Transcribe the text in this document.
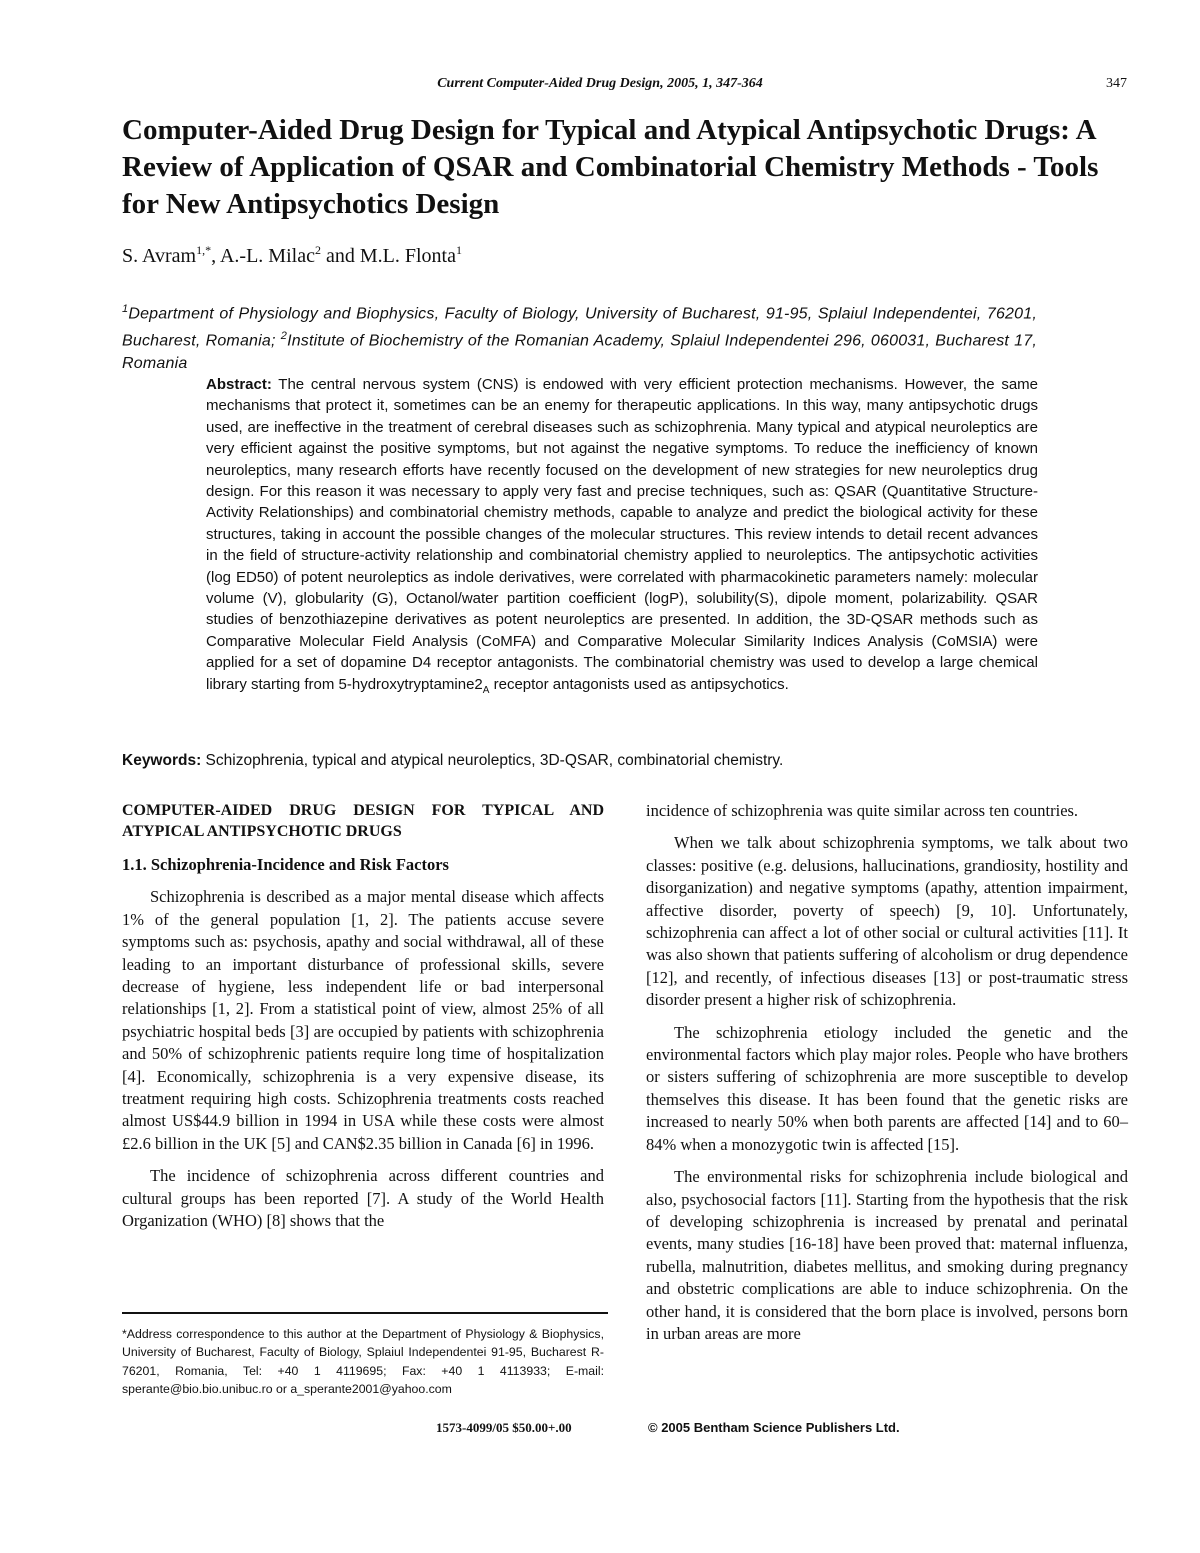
Current Computer-Aided Drug Design, 2005, 1, 347-364	347
Computer-Aided Drug Design for Typical and Atypical Antipsychotic Drugs: A Review of Application of QSAR and Combinatorial Chemistry Methods - Tools for New Antipsychotics Design
S. Avram$^{1,*}$, A.-L. Milac$^2$ and M.L. Flonta$^1$

$^1$Department of Physiology and Biophysics, Faculty of Biology, University of Bucharest, 91-95, Splaiul Independentei, 76201, Bucharest, Romania; $^2$Institute of Biochemistry of the Romanian Academy, Splaiul Independentei 296, 060031, Bucharest 17, Romania

Abstract: The central nervous system (CNS) is endowed with very efficient protection mechanisms. However, the same mechanisms that protect it, sometimes can be an enemy for therapeutic applications. In this way, many antipsychotic drugs used, are ineffective in the treatment of cerebral diseases such as schizophrenia. Many typical and atypical neuroleptics are very efficient against the positive symptoms, but not against the negative symptoms. To reduce the inefficiency of known neuroleptics, many research efforts have recently focused on the development of new strategies for new neuroleptics drug design. For this reason it was necessary to apply very fast and precise techniques, such as: QSAR (Quantitative Structure-Activity Relationships) and combinatorial chemistry methods, capable to analyze and predict the biological activity for these structures, taking in account the possible changes of the molecular structures. This review intends to detail recent advances in the field of structure-activity relationship and combinatorial chemistry applied to neuroleptics. The antipsychotic activities (log ED50) of potent neuroleptics as indole derivatives, were correlated with pharmacokinetic parameters namely: molecular volume (V), globularity (G), Octanol/water partition coefficient (logP), solubility(S), dipole moment, polarizability. QSAR studies of benzothiazepine derivatives as potent neuroleptics are presented. In addition, the 3D-QSAR methods such as Comparative Molecular Field Analysis (CoMFA) and Comparative Molecular Similarity Indices Analysis (CoMSIA) were applied for a set of dopamine D4 receptor antagonists. The combinatorial chemistry was used to develop a large chemical library starting from $5-hydroxytryptamine2_A$ receptor antagonists used as antipsychotics.

Keywords: Schizophrenia, typical and atypical neuroleptics, 3D-QSAR, combinatorial chemistry.

COMPUTER-AIDED DRUG DESIGN FOR TYPICAL AND ATYPICAL ANTIPSYCHOTIC DRUGS
1.1. Schizophrenia-Incidence and Risk Factors

Schizophrenia is described as a major mental disease which affects 1% of the general population [1, 2]. The patients accuse severe symptoms such as: psychosis, apathy and social withdrawal, all of these leading to an important disturbance of professional skills, severe decrease of hygiene, less independent life or bad interpersonal relationships [1, 2]. From a statistical point of view, almost 25% of all psychiatric hospital beds [3] are occupied by patients with schizophrenia and 50% of schizophrenic patients require long time of hospitalization [4]. Economically, schizophrenia is a very expensive disease, its treatment requiring high costs. Schizophrenia treatments costs reached almost US$44.9 billion in 1994 in USA while these costs were almost £2.6 billion in the UK [5] and CAN$2.35 billion in Canada [6] in 1996.

The incidence of schizophrenia across different countries and cultural groups has been reported [7]. A study of the World Health Organization (WHO) [8] shows that the

incidence of schizophrenia was quite similar across ten countries.

When we talk about schizophrenia symptoms, we talk about two classes: positive (e.g. delusions, hallucinations, grandiosity, hostility and disorganization) and negative symptoms (apathy, attention impairment, affective disorder, poverty of speech) [9, 10]. Unfortunately, schizophrenia can affect a lot of other social or cultural activities [11]. It was also shown that patients suffering of alcoholism or drug dependence [12], and recently, of infectious diseases [13] or post-traumatic stress disorder present a higher risk of schizophrenia.

The schizophrenia etiology included the genetic and the environmental factors which play major roles. People who have brothers or sisters suffering of schizophrenia are more susceptible to develop themselves this disease. It has been found that the genetic risks are increased to nearly 50% when both parents are affected [14] and to 60–84% when a monozygotic twin is affected [15].

The environmental risks for schizophrenia include biological and also, psychosocial factors [11]. Starting from the hypothesis that the risk of developing schizophrenia is increased by prenatal and perinatal events, many studies [16-18] have been proved that: maternal influenza, rubella, malnutrition, diabetes mellitus, and smoking during pregnancy and obstetric complications are able to induce schizophrenia. On the other hand, it is considered that the born place is involved, persons born in urban areas are more

*Address correspondence to this author at the Department of Physiology & Biophysics, University of Bucharest, Faculty of Biology, Splaiul Independentei 91-95, Bucharest R-76201, Romania, Tel: +40 1 4119695; Fax: +40 1 4113933; E-mail: sperante@bio.bio.unibuc.ro or a_sperante2001@yahoo.com

1573-4099/05 $50.00+.00	© 2005 Bentham Science Publishers Ltd.
